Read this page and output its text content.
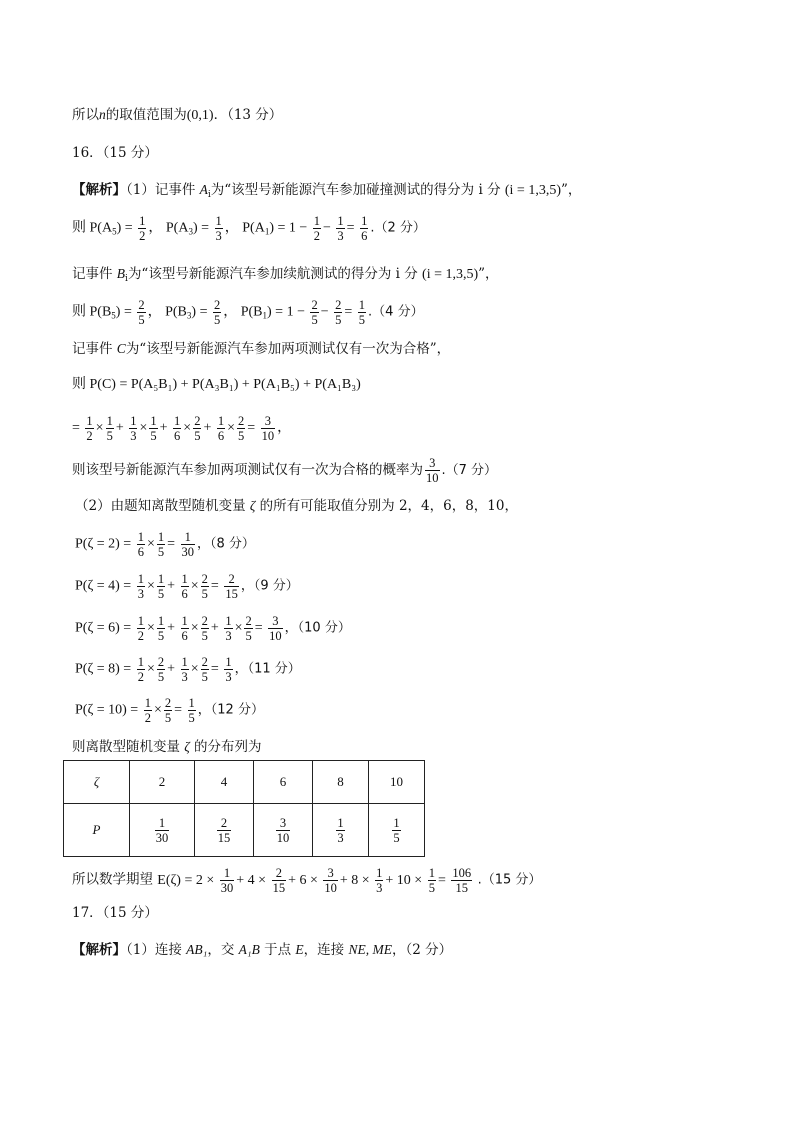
所以n的取值范围为(0,1)．（13 分）
16．（15 分）
【解析】（1）记事件 $A_i$为“该型号新能源汽车参加碰撞测试的得分为 i 分 (i = 1,3,5)”，
则 $P(A_5) = \frac{1}{2}$ ， $P(A_3) = \frac{1}{3}$ ， $P(A_1) = 1 - \frac{1}{2} - \frac{1}{3} = \frac{1}{6} .(2$ 分）
记事件 $B_i$为“该型号新能源汽车参加续航测试的得分为 i 分 (i = 1,3,5)”，
则 $P(B_5) = \frac{2}{5}$ ， $P(B_3) = \frac{2}{5}$ ， $P(B_1) = 1 - \frac{2}{5} - \frac{2}{5} = \frac{1}{5} .(4$ 分）
记事件 C为“该型号新能源汽车参加两项测试仅有一次为合格”，
则 P(C) = P(A₅B₁) + P(A₃B₁) + P(A₁B₅) + P(A₁B₃)
= $\frac{1}{2} \times \frac{1}{5} + \frac{1}{3} \times \frac{1}{5} + \frac{1}{6} \times \frac{2}{5} + \frac{1}{6} \times \frac{2}{5} = \frac{3}{10}$ ，
则该型号新能源汽车参加两项测试仅有一次为合格的概率为 $\frac{3}{10} .(7$ 分）
（2）由题知离散型随机变量 ζ 的所有可能取值分别为 2，4，6，8，10，
$P(\zeta = 2) = \frac{1}{6} \times \frac{1}{5} = \frac{1}{30}$ ，（8 分）
$P(\zeta = 4) = \frac{1}{3} \times \frac{1}{5} + \frac{1}{6} \times \frac{2}{5} = \frac{2}{15}$ ，（9 分）
$P(\zeta = 6) = \frac{1}{2} \times \frac{1}{5} + \frac{1}{6} \times \frac{2}{5} + \frac{1}{3} \times \frac{2}{5} = \frac{3}{10}$ ，（10 分）
$P(\zeta = 8) = \frac{1}{2} \times \frac{2}{5} + \frac{1}{3} \times \frac{2}{5} = \frac{1}{3}$ ，（11 分）
$P(\zeta = 10) = \frac{1}{2} \times \frac{2}{5} = \frac{1}{5}$ ，（12 分）
则离散型随机变量 ζ 的分布列为
ζ	2	4	6	8	10
P	$\frac{1}{30}$	$\frac{2}{15}$	$\frac{3}{10}$	$\frac{1}{3}$	$\frac{1}{5}$
所以数学期望 $E(\zeta) = 2 \times \frac{1}{30} + 4 \times \frac{2}{15} + 6 \times \frac{3}{10} + 8 \times \frac{1}{3} + 10 \times \frac{1}{5} = \frac{106}{15} .(15$ 分）
17．（15 分）
【解析】（1）连接 AB₁，交 A₁B 于点 E，连接 NE, ME，（2 分）
